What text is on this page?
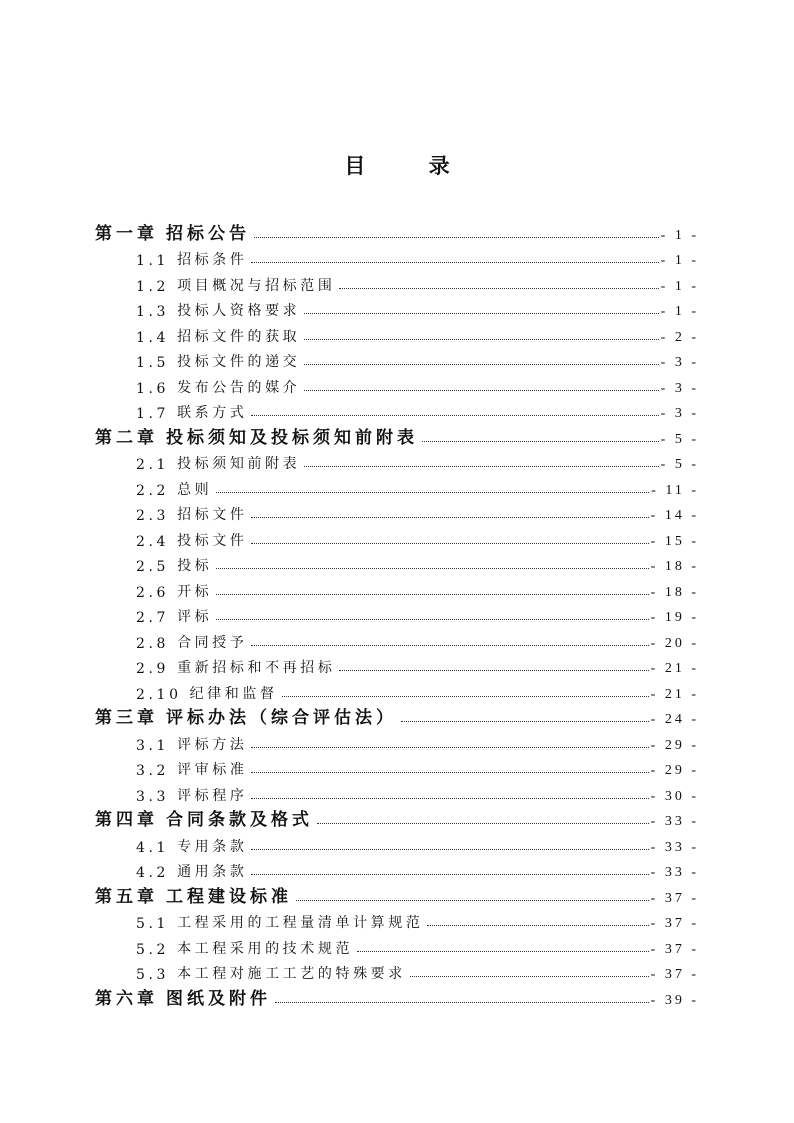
目 录
第一章 招标公告	- 1 -
1.1 招标条件	- 1 -
1.2 项目概况与招标范围	- 1 -
1.3 投标人资格要求	- 1 -
1.4 招标文件的获取	- 2 -
1.5 投标文件的递交	- 3 -
1.6 发布公告的媒介	- 3 -
1.7 联系方式	- 3 -
第二章 投标须知及投标须知前附表	- 5 -
2.1 投标须知前附表	- 5 -
2.2 总则	- 11 -
2.3 招标文件	- 14 -
2.4 投标文件	- 15 -
2.5 投标	- 18 -
2.6 开标	- 18 -
2.7 评标	- 19 -
2.8 合同授予	- 20 -
2.9 重新招标和不再招标	- 21 -
2.10 纪律和监督	- 21 -
第三章 评标办法（综合评估法）	- 24 -
3.1 评标方法	- 29 -
3.2 评审标准	- 29 -
3.3 评标程序	- 30 -
第四章 合同条款及格式	- 33 -
4.1 专用条款	- 33 -
4.2 通用条款	- 33 -
第五章 工程建设标准	- 37 -
5.1 工程采用的工程量清单计算规范	- 37 -
5.2 本工程采用的技术规范	- 37 -
5.3 本工程对施工工艺的特殊要求	- 37 -
第六章 图纸及附件	- 39 -
